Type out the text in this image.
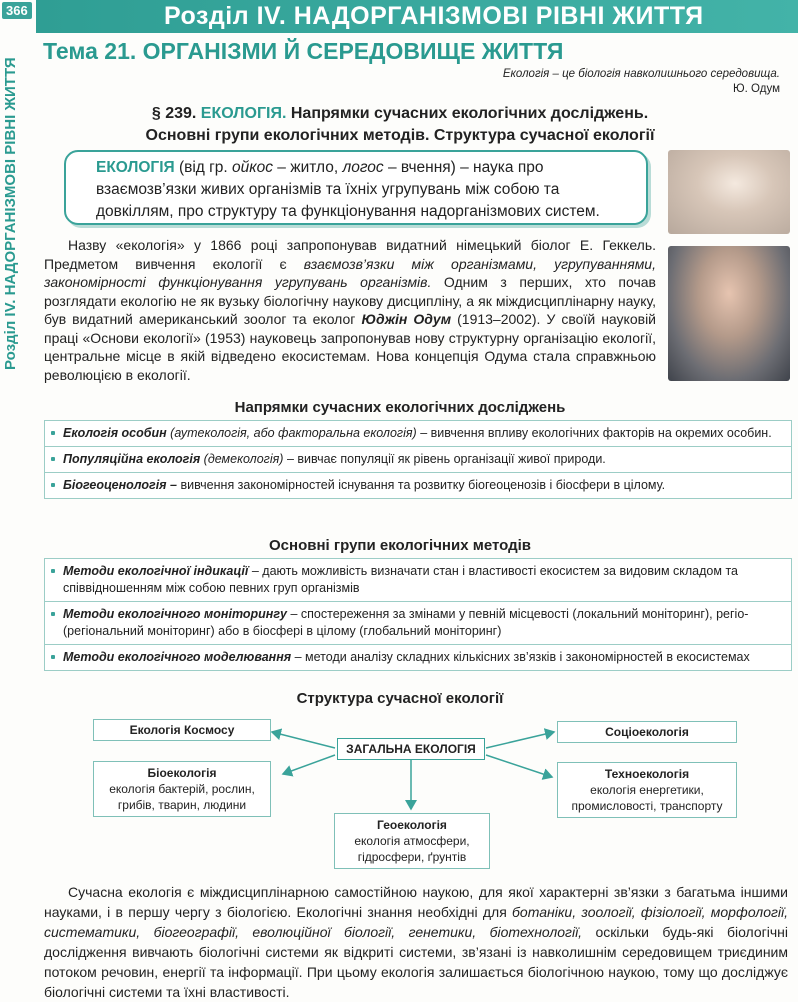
366	Розділ IV. НАДОРГАНІЗМОВІ РІВНІ ЖИТТЯ
Розділ IV. НАДОРГАНІЗМОВІ РІВНІ ЖИТТЯ
Тема 21. ОРГАНІЗМИ Й СЕРЕДОВИЩЕ ЖИТТЯ
Екологія – це біологія навколишнього середовища.
Ю. Одум
§ 239. ЕКОЛОГІЯ. Напрямки сучасних екологічних досліджень.
Основні групи екологічних методів. Структура сучасної екології
ЕКОЛОГІЯ (від гр. ойкос – житло, логос – вчення) – наука про взаємозв’язки живих організмів та їхніх угрупувань між собою та довкіллям, про структуру та функціонування надорганізмових систем.
Назву «екологія» у 1866 році запропонував видатний німецький біолог Е. Геккель. Предметом вивчення екології є взаємозв’язки між організмами, угрупуваннями, закономірності функціонування угрупувань організмів. Одним з перших, хто почав розглядати екологію не як вузьку біологічну наукову дисципліну, а як міждисциплінарну науку, був видатний американський зоолог та еколог Юджін Одум (1913–2002). У своїй науковій праці «Основи екології» (1953) науковець запропонував нову структурну організацію екології, центральне місце в якій відведено екосистемам. Нова концепція Одума стала справжньою революцією в екології.
Напрямки сучасних екологічних досліджень
Екологія особин (аутекологія, або факторальна екологія) – вивчення впливу екологічних факторів на окремих особин.
Популяційна екологія (демекологія) – вивчає популяції як рівень організації живої природи.
Біогеоценологія – вивчення закономірностей існування та розвитку біогеоценозів і біосфери в цілому.
Основні групи екологічних методів
Методи екологічної індикації – дають можливість визначати стан і властивості екосистем за видовим складом та співвідношенням між собою певних груп організмів
Методи екологічного моніторингу – спостереження за змінами у певній місцевості (локальний моніторинг), регіо- (регіональний моніторинг) або в біосфері в цілому (глобальний моніторинг)
Методи екологічного моделювання – методи аналізу складних кількісних зв’язків і закономірностей в екосистемах
Структура сучасної екології
ЗАГАЛЬНА ЕКОЛОГІЯ
Екологія Космосу
Біоекологія
екологія бактерій, рослин, грибів, тварин, людини
Соціоекологія
Техноекологія
екологія енергетики, промисловості, транспорту
Геоекологія
екологія атмосфери, гідросфери, ґрунтів
Сучасна екологія є міждисциплінарною самостійною наукою, для якої характерні зв’язки з багатьма іншими науками, і в першу чергу з біологією. Екологічні знання необхідні для ботаніки, зоології, фізіології, морфології, систематики, біогеографії, еволюційної біології, генетики, біотехнології, оскільки будь-які біологічні дослідження вивчають біологічні системи як відкриті системи, зв’язані із навколишнім середовищем триєдиним потоком речовин, енергії та інформації. При цьому екологія залишається біологічною наукою, тому що досліджує біологічні системи та їхні властивості.
